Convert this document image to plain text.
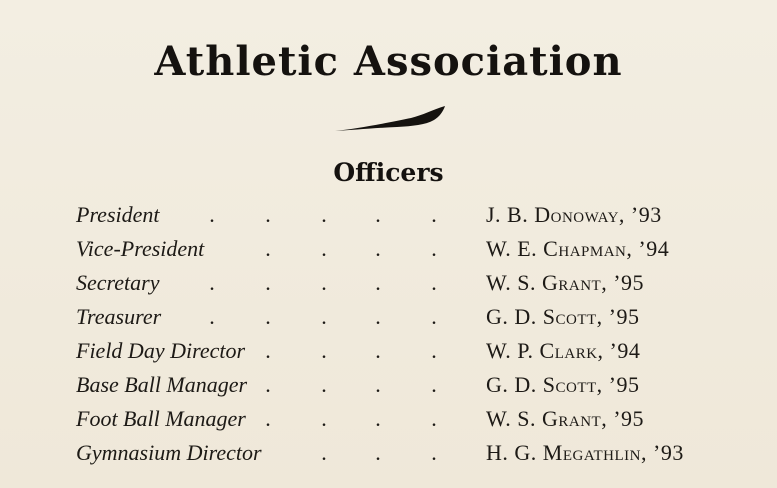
Athletic Association
Officers
President . . . . . J. B. Donoway, ’93
Vice-President	. . . . W. E. Chapman, ’94
Secretary . . . . . W. S. Grant, ’95
Treasurer . . . . . G. D. Scott, ’95
Field Day Director . . . . W. P. Clark, ’94
Base Ball Manager . . . . G. D. Scott, ’95
Foot Ball Manager . . . . W. S. Grant, ’95
Gymnasium Director	. . . H. G. Megathlin, ’93
